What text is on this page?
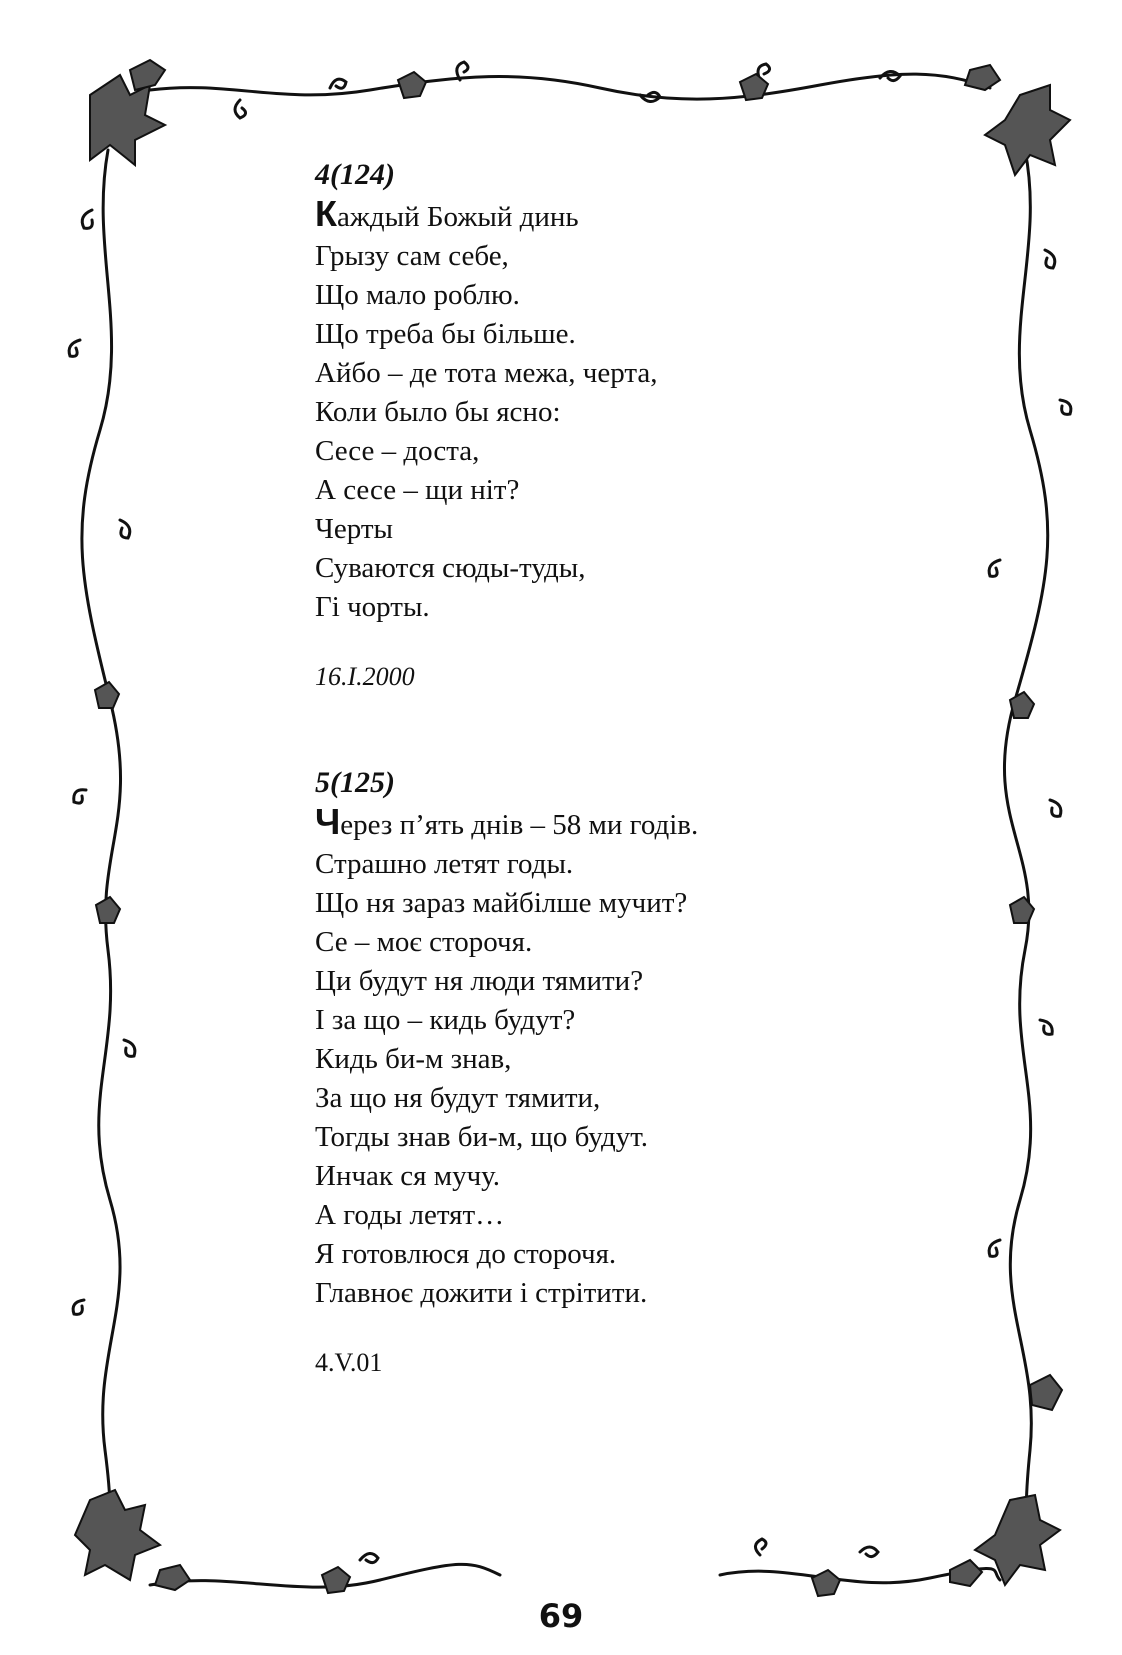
4(124)
Каждый Божый динь
Грызу сам себе,
Що мало роблю.
Що треба бы більше.
Айбо – де тота межа, черта,
Коли было бы ясно:
Сесе – доста,
А сесе – щи ніт?
Черты
Суваются сюды-туды,
Гі чорты.
16.I.2000
5(125)
Через п’ять днів – 58 ми годів.
Страшно летят годы.
Що ня зараз майбілше мучит?
Се – моє сторочя.
Ци будут ня люди тямити?
І за що – кидь будут?
Кидь би-м знав,
За що ня будут тямити,
Тогды знав би-м, що будут.
Инчак ся мучу.
А годы летят…
Я готовлюся до сторочя.
Главноє дожити і стрітити.
4.V.01
69
